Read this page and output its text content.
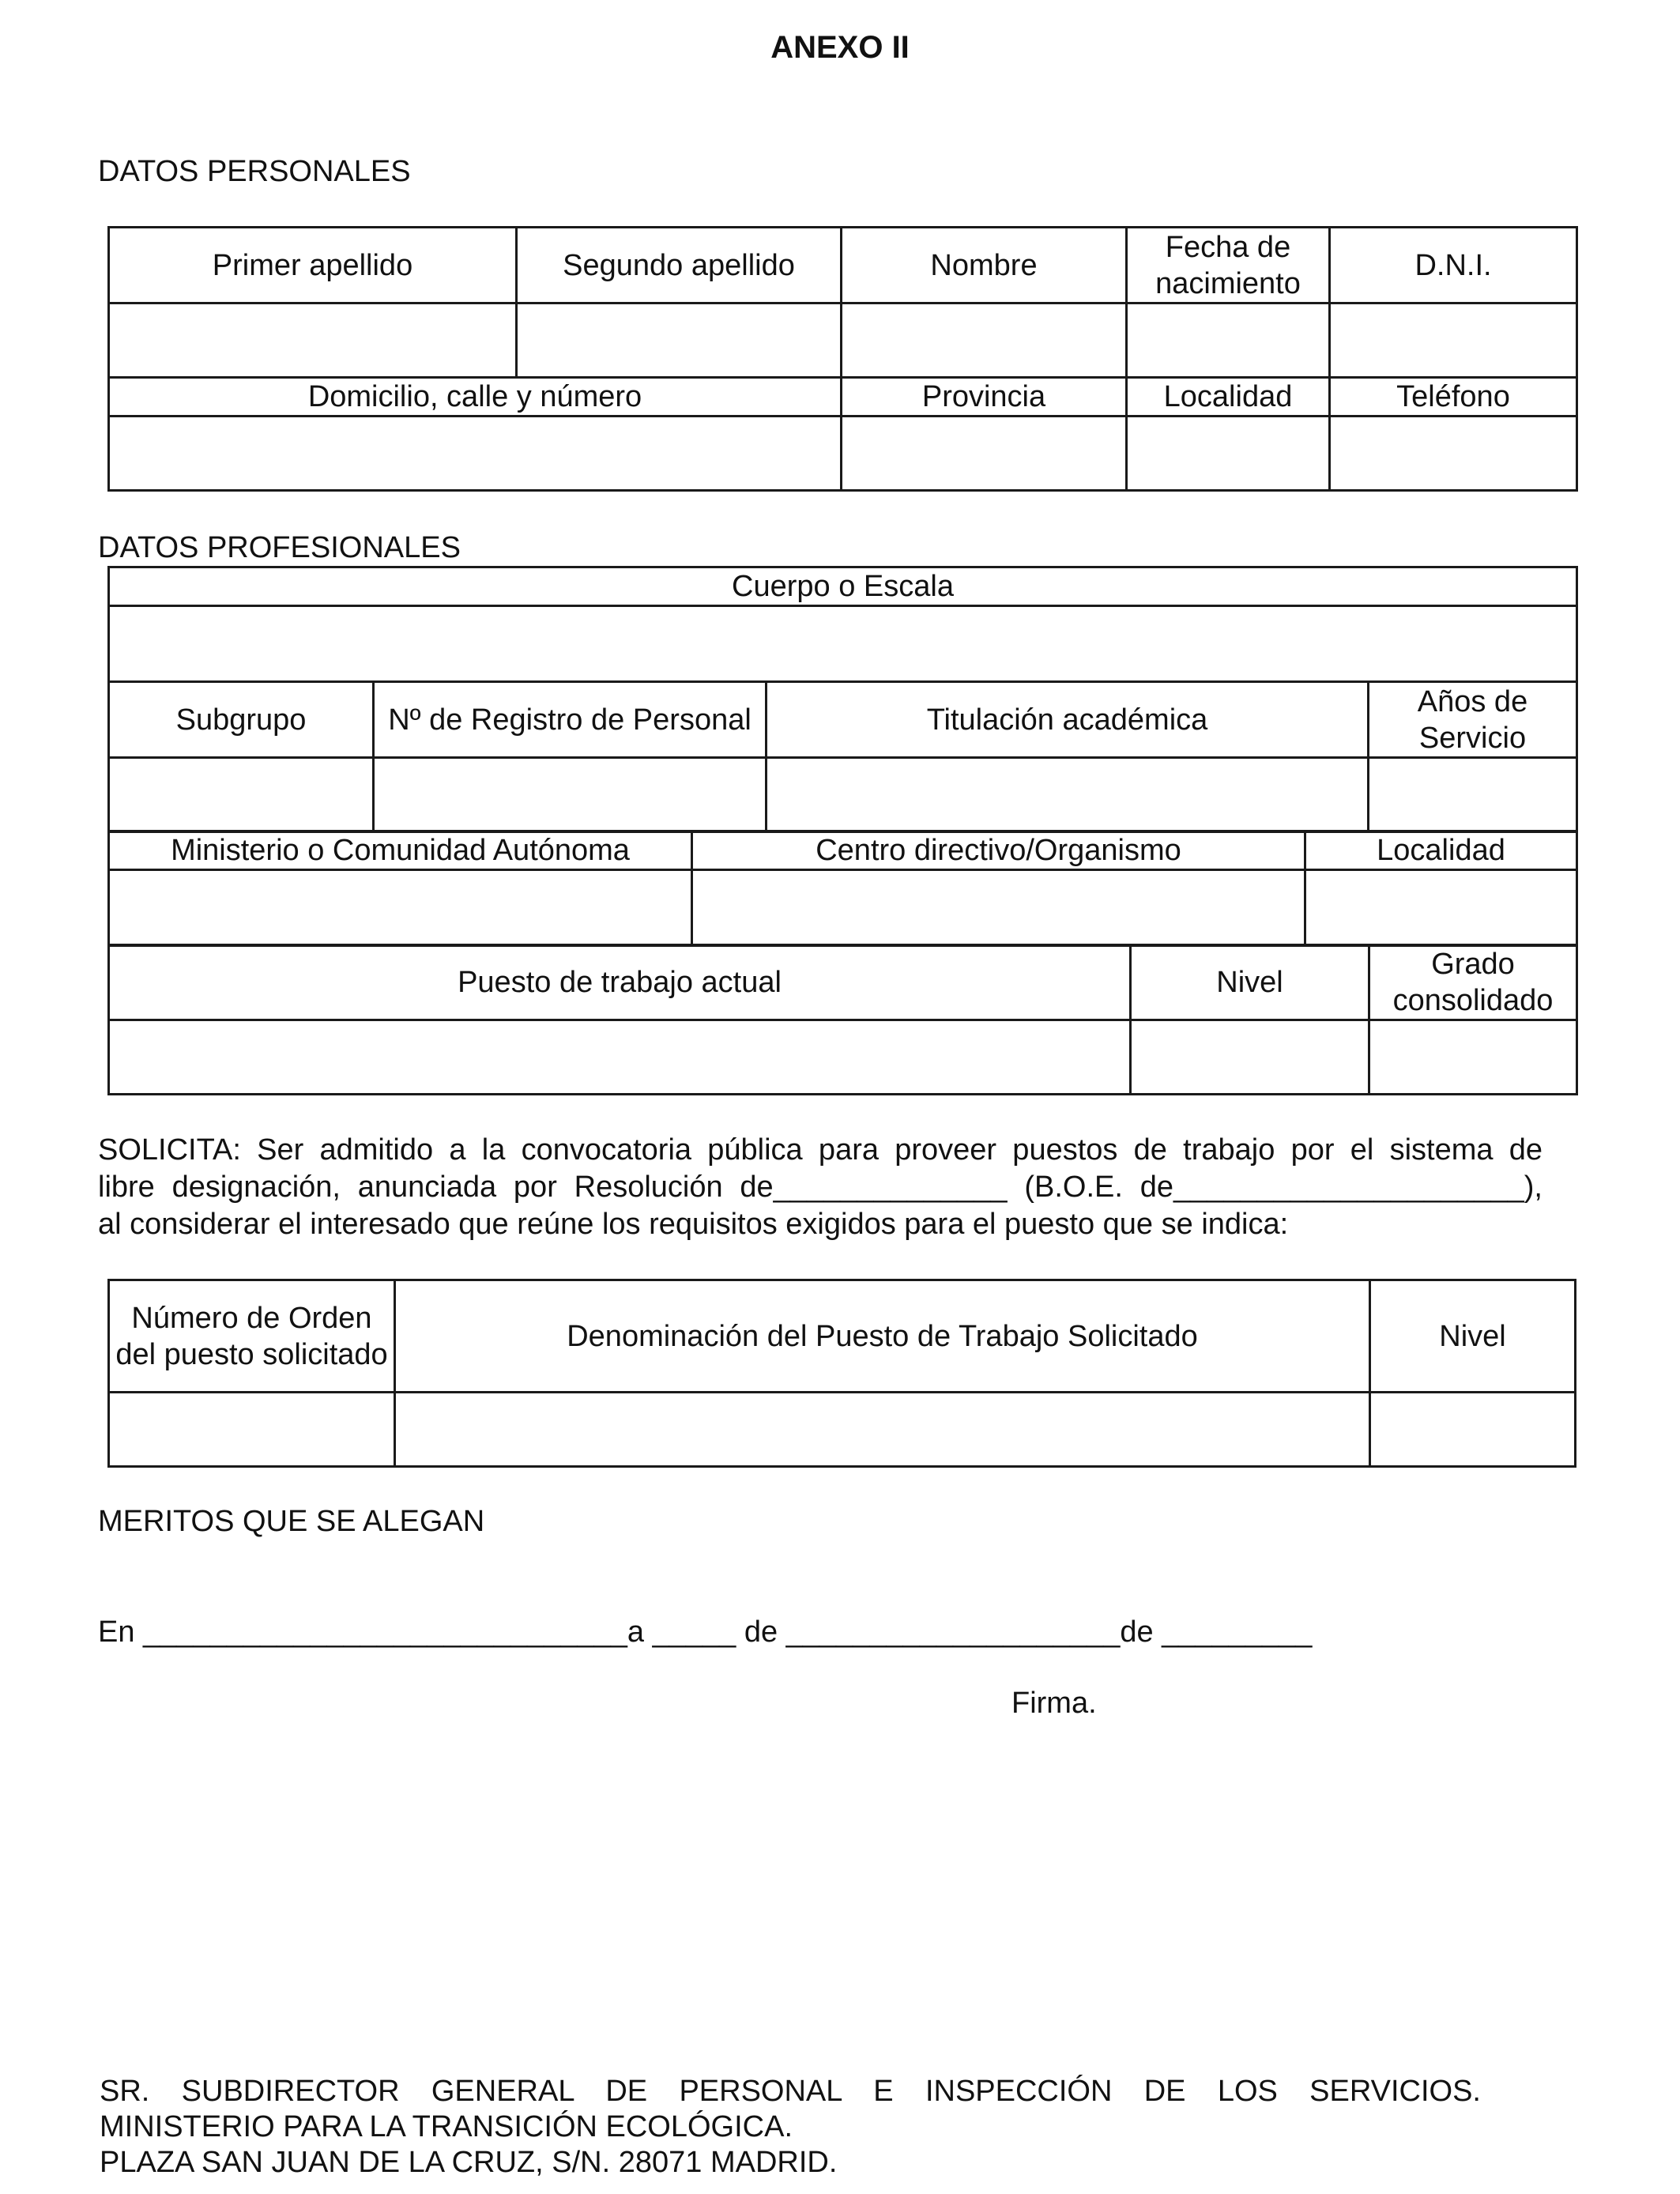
ANEXO II
DATOS PERSONALES
Primer apellido	Segundo apellido	Nombre	Fecha de nacimiento	D.N.I.

Domicilio, calle y número		Provincia	Localidad	Teléfono

DATOS PROFESIONALES
Cuerpo o Escala			

Subgrupo	Nº de Registro de Personal	Titulación académica	Años de Servicio

Ministerio o Comunidad Autónoma	Centro directivo/Organismo	Localidad

Puesto de trabajo actual	Nivel	Grado consolidado

SOLICITA: Ser admitido a la convocatoria pública para proveer puestos de trabajo por el sistema de
libre designación, anunciada por Resolución de______________ (B.O.E. de_____________________),
al considerar el interesado que reúne los requisitos exigidos para el puesto que se indica:
Número de Orden del puesto solicitado	Denominación del Puesto de Trabajo Solicitado	Nivel

MERITOS QUE SE ALEGAN
En _____________________________a _____ de ____________________de _________
Firma.
SR. SUBDIRECTOR GENERAL DE PERSONAL E INSPECCIÓN DE LOS SERVICIOS.
MINISTERIO PARA LA TRANSICIÓN ECOLÓGICA.
PLAZA SAN JUAN DE LA CRUZ, S/N. 28071 MADRID.
